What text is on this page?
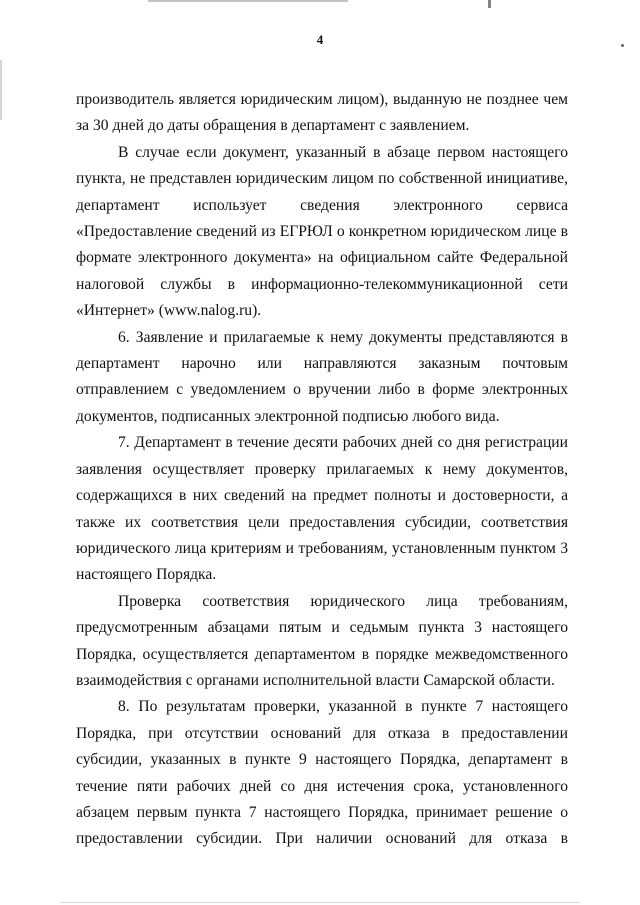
4

производитель является юридическим лицом), выданную не позднее чем за 30 дней до даты обращения в департамент с заявлением.

В случае если документ, указанный в абзаце первом настоящего пункта, не представлен юридическим лицом по собственной инициативе, департамент использует сведения электронного сервиса «Предоставление сведений из ЕГРЮЛ о конкретном юридическом лице в формате электронного документа» на официальном сайте Федеральной налоговой службы в информационно-телекоммуникационной сети «Интернет» (www.nalog.ru).

6. Заявление и прилагаемые к нему документы представляются в департамент нарочно или направляются заказным почтовым отправлением с уведомлением о вручении либо в форме электронных документов, подписанных электронной подписью любого вида.

7. Департамент в течение десяти рабочих дней со дня регистрации заявления осуществляет проверку прилагаемых к нему документов, содержащихся в них сведений на предмет полноты и достоверности, а также их соответствия цели предоставления субсидии, соответствия юридического лица критериям и требованиям, установленным пунктом 3 настоящего Порядка.

Проверка соответствия юридического лица требованиям, предусмотренным абзацами пятым и седьмым пункта 3 настоящего Порядка, осуществляется департаментом в порядке межведомственного взаимодействия с органами исполнительной власти Самарской области.

8. По результатам проверки, указанной в пункте 7 настоящего Порядка, при отсутствии оснований для отказа в предоставлении субсидии, указанных в пункте 9 настоящего Порядка, департамент в течение пяти рабочих дней со дня истечения срока, установленного абзацем первым пункта 7 настоящего Порядка, принимает решение о предоставлении субсидии. При наличии оснований для отказа в
